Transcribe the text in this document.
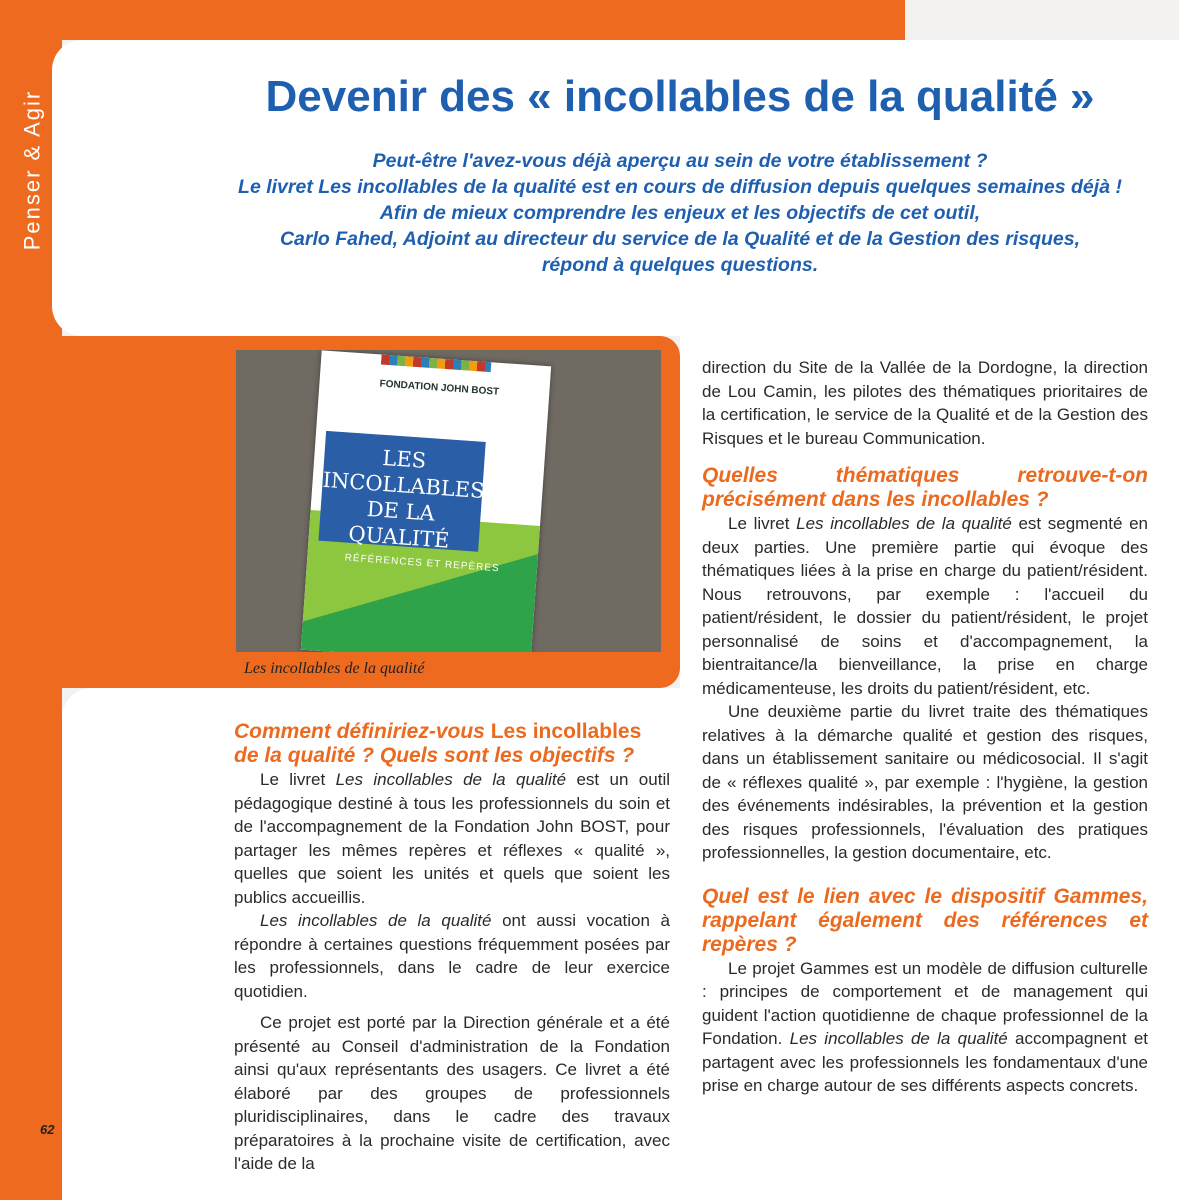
Penser & Agir	Devenir des « incollables de la qualité »

Peut-être l'avez-vous déjà aperçu au sein de votre établissement ?

Le livret Les incollables de la qualité est en cours de diffusion depuis quelques semaines déjà !

Afin de mieux comprendre les enjeux et les objectifs de cet outil,

Carlo Fahed, Adjoint au directeur du service de la Qualité et de la Gestion des risques,

répond à quelques questions.

FONDATION JOHN BOST
RÉFÉRENCES ET REPÈRES
LES INCOLLABLES DE LA QUALITÉ
Les incollables de la qualité
Comment définiriez-vous Les incollables
de la qualité ? Quels sont les objectifs ?

Le livret Les incollables de la qualité est un outil pédagogique destiné à tous les professionnels du soin et de l'accompagnement de la Fondation John BOST, pour partager les mêmes repères et réflexes « qualité », quelles que soient les unités et quels que soient les publics accueillis.

Les incollables de la qualité ont aussi vocation à répondre à certaines questions fréquemment posées par les professionnels, dans le cadre de leur exercice quotidien.

Ce projet est porté par la Direction générale et a été présenté au Conseil d'administration de la Fondation ainsi qu'aux représentants des usagers. Ce livret a été élaboré par des groupes de professionnels pluridisciplinaires, dans le cadre des travaux préparatoires à la prochaine visite de certification, avec l'aide de la

direction du Site de la Vallée de la Dordogne, la direction de Lou Camin, les pilotes des thématiques prioritaires de la certification, le service de la Qualité et de la Gestion des Risques et le bureau Communication.

Quelles thématiques retrouve-t-on précisément dans les incollables ?

Le livret Les incollables de la qualité est segmenté en deux parties. Une première partie qui évoque des thématiques liées à la prise en charge du patient/résident. Nous retrouvons, par exemple : l'accueil du patient/résident, le dossier du patient/résident, le projet personnalisé de soins et d'accompagnement, la bientraitance/la bienveillance, la prise en charge médicamenteuse, les droits du patient/résident, etc.

Une deuxième partie du livret traite des thématiques relatives à la démarche qualité et gestion des risques, dans un établissement sanitaire ou médicosocial. Il s'agit de « réflexes qualité », par exemple : l'hygiène, la gestion des événements indésirables, la prévention et la gestion des risques professionnels, l'évaluation des pratiques professionnelles, la gestion documentaire, etc.

Quel est le lien avec le dispositif Gammes, rappelant également des références et repères ?

Le projet Gammes est un modèle de diffusion culturelle : principes de comportement et de management qui guident l'action quotidienne de chaque professionnel de la Fondation. Les incollables de la qualité accompagnent et partagent avec les professionnels les fondamentaux d'une prise en charge autour de ses différents aspects concrets.

62
